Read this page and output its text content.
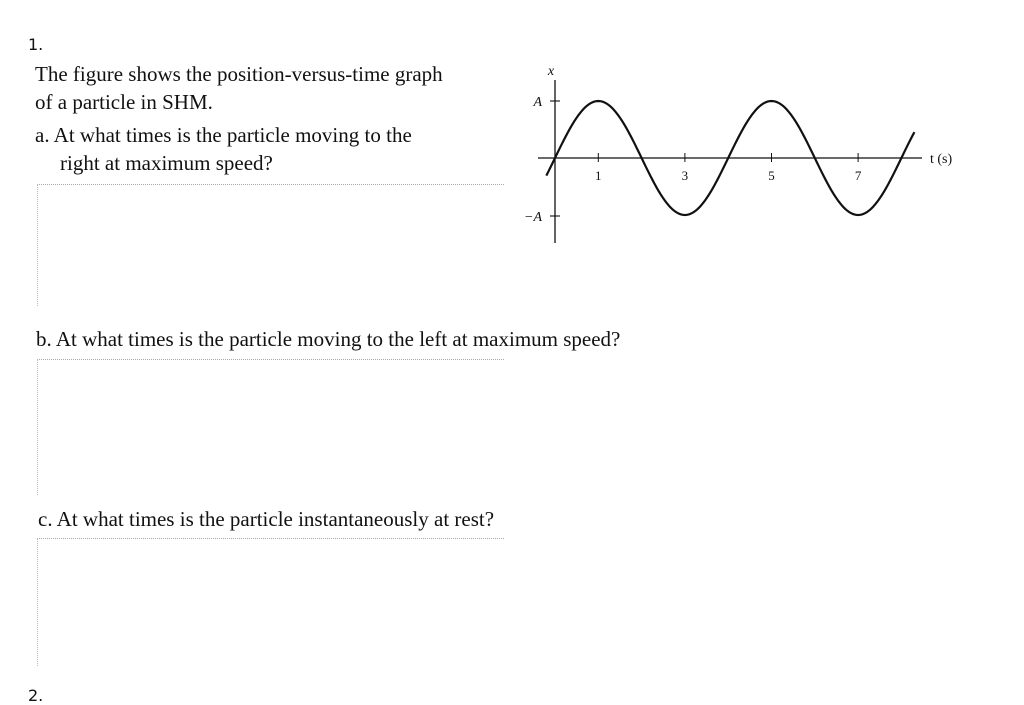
1.

The figure shows the position-versus-time graph

of a particle in SHM.

a. At what times is the particle moving to the

right at maximum speed?

b. At what times is the particle moving to the left at maximum speed?

c. At what times is the particle instantaneously at rest?

2.
x
A
−A
t (s)
1	3	5	7
